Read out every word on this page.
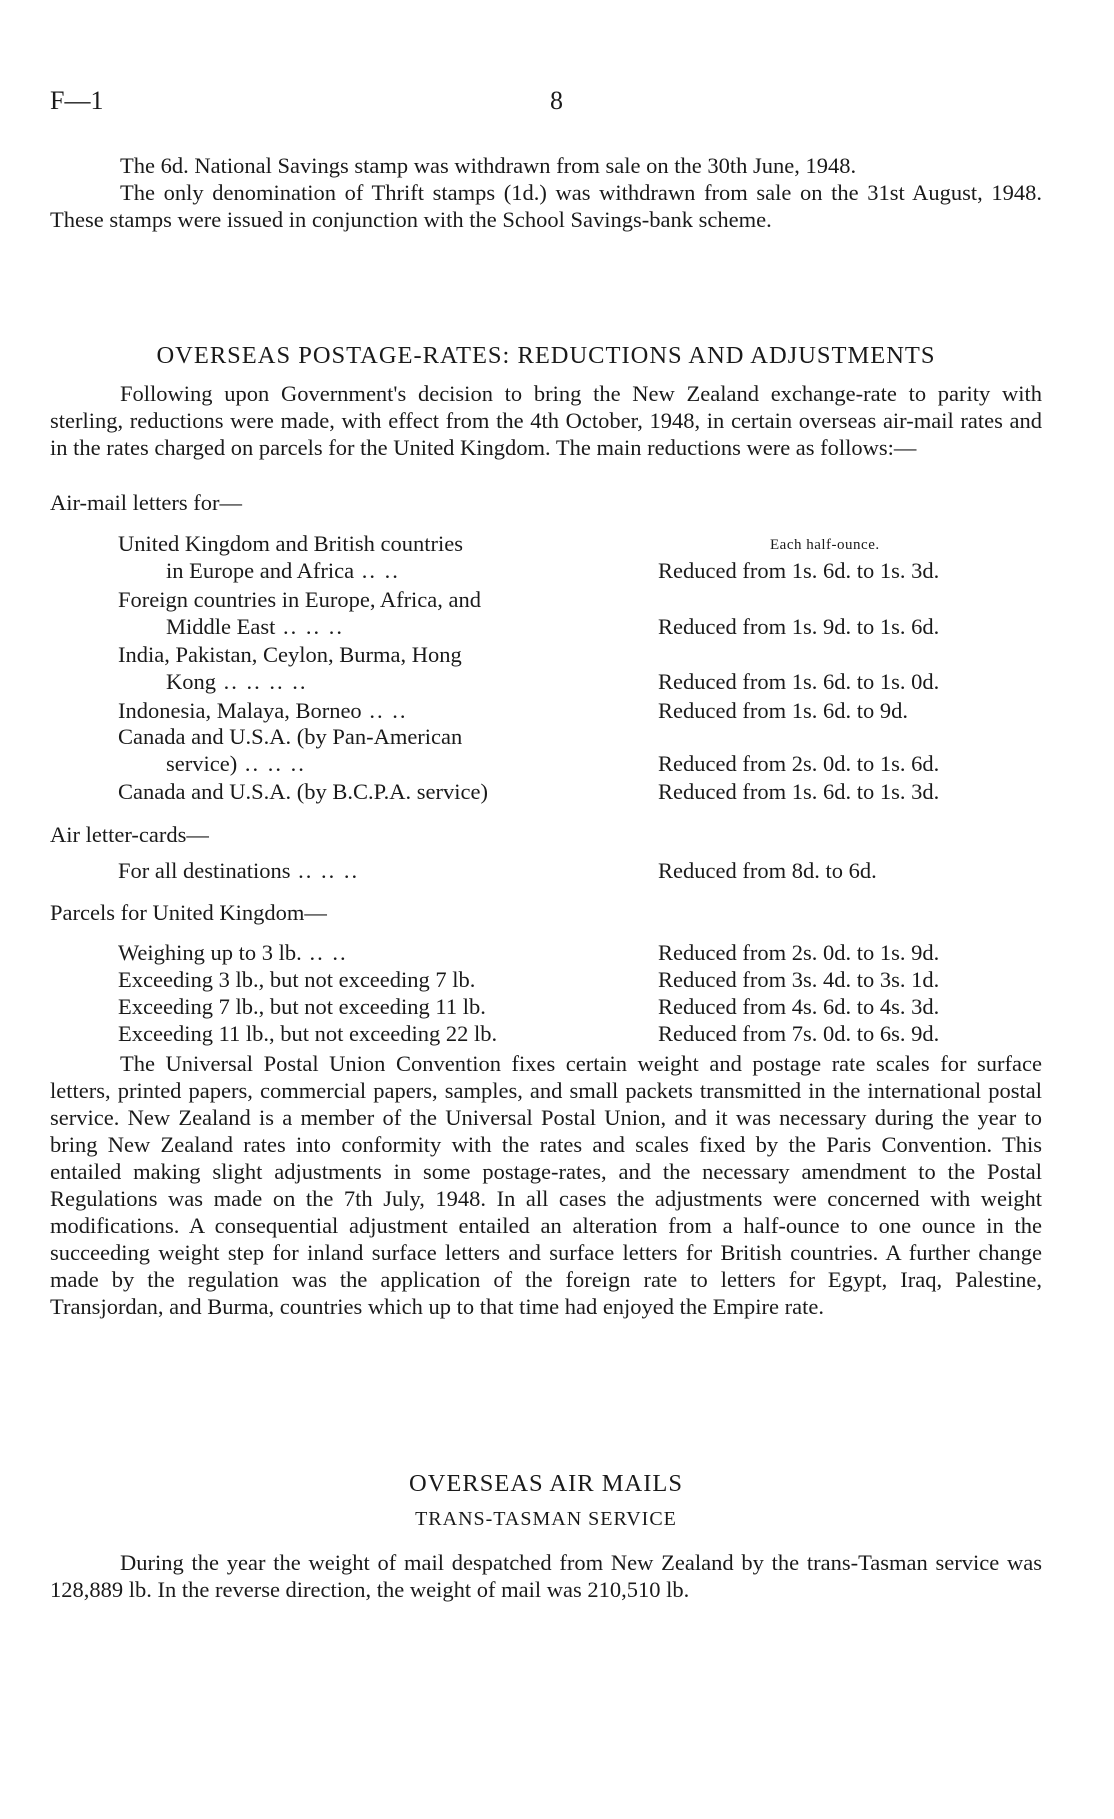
F—1	8

The 6d. National Savings stamp was withdrawn from sale on the 30th June, 1948.

The only denomination of Thrift stamps (1d.) was withdrawn from sale on the 31st August, 1948. These stamps were issued in conjunction with the School Savings-bank scheme.

OVERSEAS POSTAGE-RATES: REDUCTIONS AND ADJUSTMENTS

Following upon Government's decision to bring the New Zealand exchange-rate to parity with sterling, reductions were made, with effect from the 4th October, 1948, in certain overseas air-mail rates and in the rates charged on parcels for the United Kingdom. The main reductions were as follows:—

Air-mail letters for—
Each half-ounce.
United Kingdom and British countries
in Europe and Africa .. ..	Reduced from 1s. 6d. to 1s. 3d.
Foreign countries in Europe, Africa, and
Middle East .. .. ..	Reduced from 1s. 9d. to 1s. 6d.
India, Pakistan, Ceylon, Burma, Hong
Kong .. .. .. ..	Reduced from 1s. 6d. to 1s. 0d.
Indonesia, Malaya, Borneo .. ..	Reduced from 1s. 6d. to 9d.
Canada and U.S.A. (by Pan-American
service) .. .. ..	Reduced from 2s. 0d. to 1s. 6d.
Canada and U.S.A. (by B.C.P.A. service)	Reduced from 1s. 6d. to 1s. 3d.
Air letter-cards—
For all destinations .. .. ..	Reduced from 8d. to 6d.
Parcels for United Kingdom—
Weighing up to 3 lb. .. ..	Reduced from 2s. 0d. to 1s. 9d.
Exceeding 3 lb., but not exceeding 7 lb.	Reduced from 3s. 4d. to 3s. 1d.
Exceeding 7 lb., but not exceeding 11 lb.	Reduced from 4s. 6d. to 4s. 3d.
Exceeding 11 lb., but not exceeding 22 lb.	Reduced from 7s. 0d. to 6s. 9d.

The Universal Postal Union Convention fixes certain weight and postage rate scales for surface letters, printed papers, commercial papers, samples, and small packets transmitted in the international postal service. New Zealand is a member of the Universal Postal Union, and it was necessary during the year to bring New Zealand rates into conformity with the rates and scales fixed by the Paris Convention. This entailed making slight adjustments in some postage-rates, and the necessary amendment to the Postal Regulations was made on the 7th July, 1948. In all cases the adjustments were concerned with weight modifications. A consequential adjustment entailed an alteration from a half-ounce to one ounce in the succeeding weight step for inland surface letters and surface letters for British countries. A further change made by the regulation was the application of the foreign rate to letters for Egypt, Iraq, Palestine, Transjordan, and Burma, countries which up to that time had enjoyed the Empire rate.

OVERSEAS AIR MAILS
TRANS-TASMAN SERVICE

During the year the weight of mail despatched from New Zealand by the trans-Tasman service was 128,889 lb. In the reverse direction, the weight of mail was 210,510 lb.
